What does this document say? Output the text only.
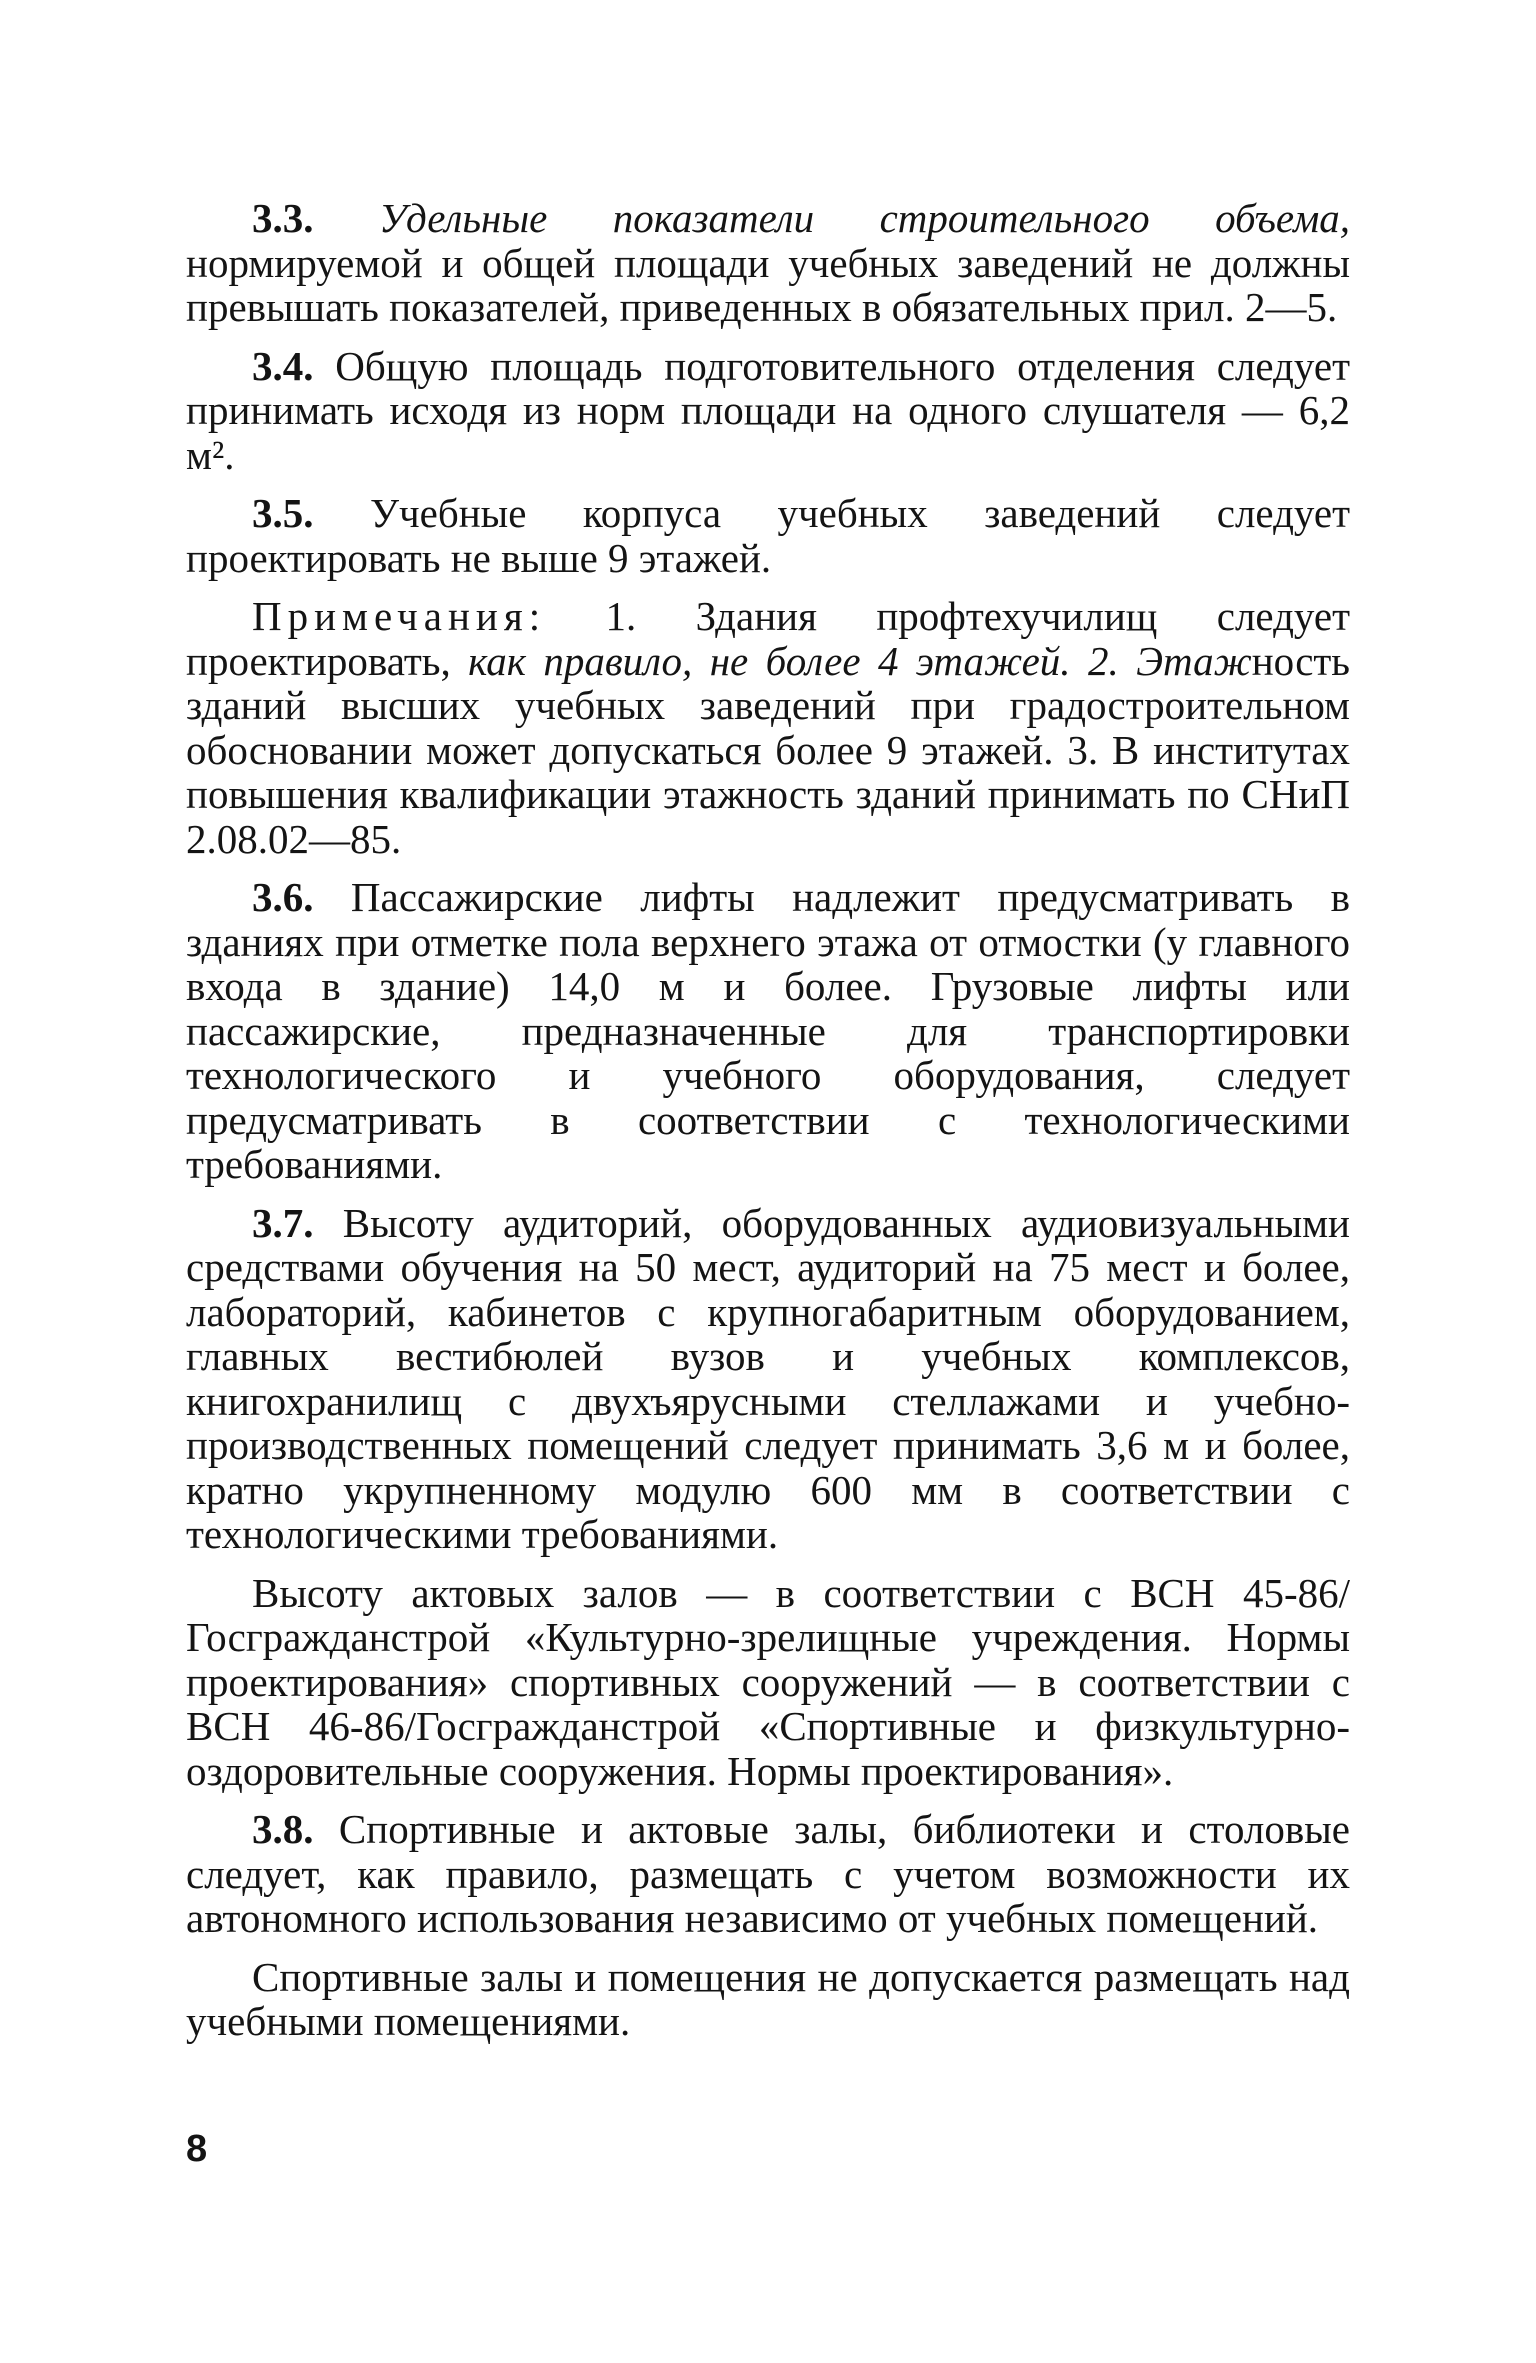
3.3. Удельные показатели строительного объема, нормируемой и общей площади учебных заведений не должны превышать показателей, приведенных в обязательных прил. 2—5.

3.4. Общую площадь подготовительного отделения следует принимать исходя из норм площади на одного слушателя — 6,2 м².

3.5. Учебные корпуса учебных заведений следует проектировать не выше 9 этажей.

Примечания: 1. Здания профтехучилищ следует проектировать, как правило, не более 4 этажей. 2. Этажность зданий высших учебных заведений при градостроительном обосновании может допускаться более 9 этажей. 3. В институтах повышения квалификации этажность зданий принимать по СНиП 2.08.02—85.

3.6. Пассажирские лифты надлежит предусматривать в зданиях при отметке пола верхнего этажа от отмостки (у главного входа в здание) 14,0 м и более. Грузовые лифты или пассажирские, предназначенные для транспортировки технологического и учебного оборудования, следует предусматривать в соответствии с технологическими требованиями.

3.7. Высоту аудиторий, оборудованных аудиовизуальными средствами обучения на 50 мест, аудиторий на 75 мест и более, лабораторий, кабинетов с крупногабаритным оборудованием, главных вестибюлей вузов и учебных комплексов, книгохранилищ с двухъярусными стеллажами и учебно-производственных помещений следует принимать 3,6 м и более, кратно укрупненному модулю 600 мм в соответствии с технологическими требованиями.

Высоту актовых залов — в соответствии с ВСН 45-86/Госгражданстрой «Культурно-зрелищные учреждения. Нормы проектирования» спортивных сооружений — в соответствии с ВСН 46-86/Госгражданстрой «Спортивные и физкультурно-оздоровительные сооружения. Нормы проектирования».

3.8. Спортивные и актовые залы, библиотеки и столовые следует, как правило, размещать с учетом возможности их автономного использования независимо от учебных помещений.

Спортивные залы и помещения не допускается размещать над учебными помещениями.

8
